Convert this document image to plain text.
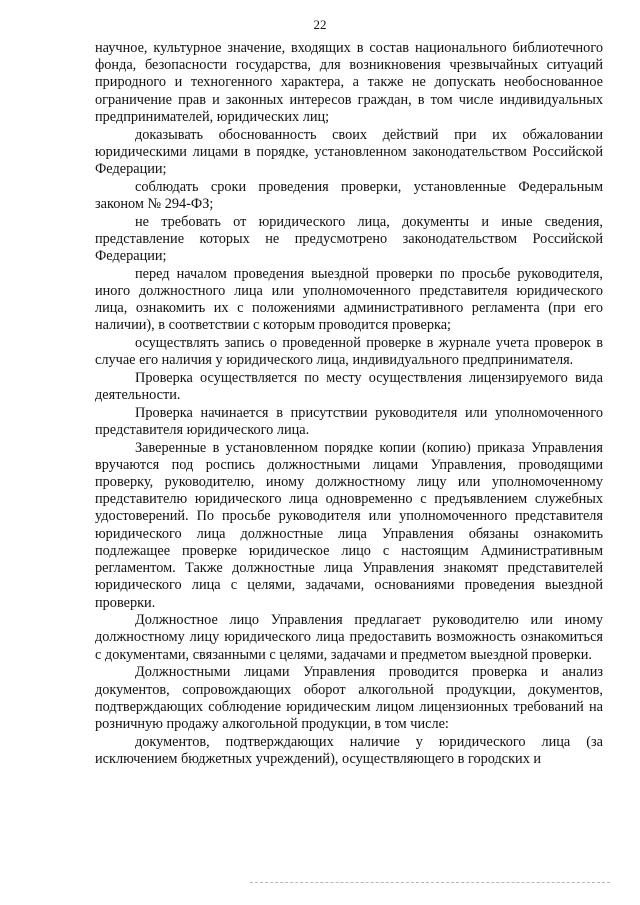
22

научное, культурное значение, входящих в состав национального библиотечного фонда, безопасности государства, для возникновения чрезвычайных ситуаций природного и техногенного характера, а также не допускать необоснованное ограничение прав и законных интересов граждан, в том числе индивидуальных предпринимателей, юридических лиц;

доказывать обоснованность своих действий при их обжаловании юридическими лицами в порядке, установленном законодательством Российской Федерации;

соблюдать сроки проведения проверки, установленные Федеральным законом № 294-ФЗ;

не требовать от юридического лица, документы и иные сведения, представление которых не предусмотрено законодательством Российской Федерации;

перед началом проведения выездной проверки по просьбе руководителя, иного должностного лица или уполномоченного представителя юридического лица, ознакомить их с положениями административного регламента (при его наличии), в соответствии с которым проводится проверка;

осуществлять запись о проведенной проверке в журнале учета проверок в случае его наличия у юридического лица, индивидуального предпринимателя.

Проверка осуществляется по месту осуществления лицензируемого вида деятельности.

Проверка начинается в присутствии руководителя или уполномоченного представителя юридического лица.

Заверенные в установленном порядке копии (копию) приказа Управления вручаются под роспись должностными лицами Управления, проводящими проверку, руководителю, иному должностному лицу или уполномоченному представителю юридического лица одновременно с предъявлением служебных удостоверений. По просьбе руководителя или уполномоченного представителя юридического лица должностные лица Управления обязаны ознакомить подлежащее проверке юридическое лицо с настоящим Административным регламентом. Также должностные лица Управления знакомят представителей юридического лица с целями, задачами, основаниями проведения выездной проверки.

Должностное лицо Управления предлагает руководителю или иному должностному лицу юридического лица предоставить возможность ознакомиться с документами, связанными с целями, задачами и предметом выездной проверки.

Должностными лицами Управления проводится проверка и анализ документов, сопровождающих оборот алкогольной продукции, документов, подтверждающих соблюдение юридическим лицом лицензионных требований на розничную продажу алкогольной продукции, в том числе:

документов, подтверждающих наличие у юридического лица (за исключением бюджетных учреждений), осуществляющего в городских и
